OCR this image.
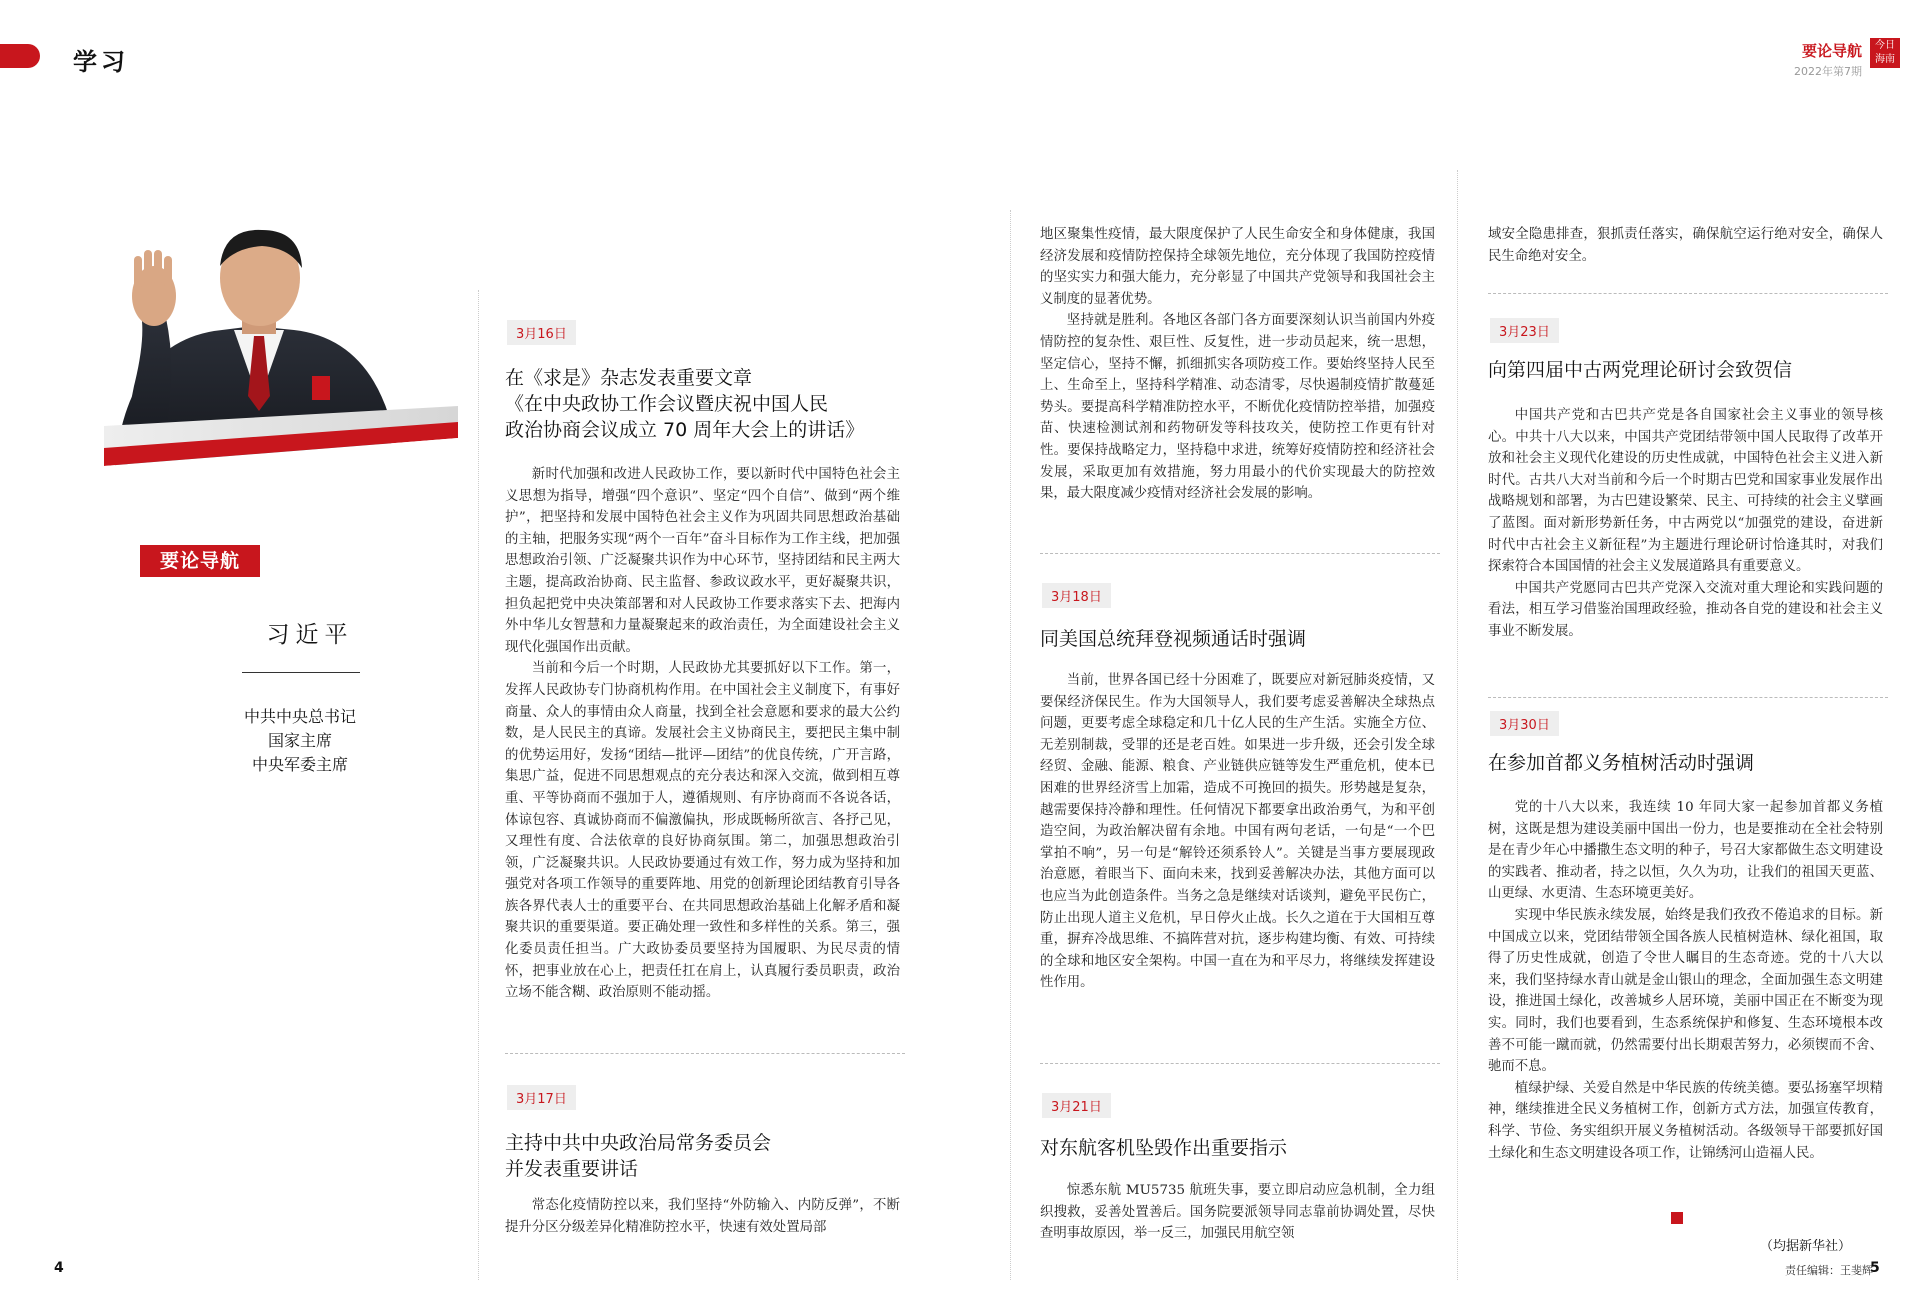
学习	要论导航
2022年第7期
今日
海南
要论导航
习近平
中共中央总书记
国家主席
中央军委主席
3月16日
在《求是》杂志发表重要文章
《在中央政协工作会议暨庆祝中国人民
政治协商会议成立 70 周年大会上的讲话》

新时代加强和改进人民政协工作，要以新时代中国特色社会主义思想为指导，增强“四个意识”、坚定“四个自信”、做到“两个维护”，把坚持和发展中国特色社会主义作为巩固共同思想政治基础的主轴，把服务实现“两个一百年”奋斗目标作为工作主线，把加强思想政治引领、广泛凝聚共识作为中心环节，坚持团结和民主两大主题，提高政治协商、民主监督、参政议政水平，更好凝聚共识，担负起把党中央决策部署和对人民政协工作要求落实下去、把海内外中华儿女智慧和力量凝聚起来的政治责任，为全面建设社会主义现代化强国作出贡献。

当前和今后一个时期，人民政协尤其要抓好以下工作。第一，发挥人民政协专门协商机构作用。在中国社会主义制度下，有事好商量、众人的事情由众人商量，找到全社会意愿和要求的最大公约数，是人民民主的真谛。发展社会主义协商民主，要把民主集中制的优势运用好，发扬“团结—批评—团结”的优良传统，广开言路，集思广益，促进不同思想观点的充分表达和深入交流，做到相互尊重、平等协商而不强加于人，遵循规则、有序协商而不各说各话，体谅包容、真诚协商而不偏激偏执，形成既畅所欲言、各抒己见，又理性有度、合法依章的良好协商氛围。第二，加强思想政治引领，广泛凝聚共识。人民政协要通过有效工作，努力成为坚持和加强党对各项工作领导的重要阵地、用党的创新理论团结教育引导各族各界代表人士的重要平台、在共同思想政治基础上化解矛盾和凝聚共识的重要渠道。要正确处理一致性和多样性的关系。第三，强化委员责任担当。广大政协委员要坚持为国履职、为民尽责的情怀，把事业放在心上，把责任扛在肩上，认真履行委员职责，政治立场不能含糊、政治原则不能动摇。

3月17日
主持中共中央政治局常务委员会
并发表重要讲话

常态化疫情防控以来，我们坚持“外防输入、内防反弹”，不断提升分区分级差异化精准防控水平，快速有效处置局部

地区聚集性疫情，最大限度保护了人民生命安全和身体健康，我国经济发展和疫情防控保持全球领先地位，充分体现了我国防控疫情的坚实实力和强大能力，充分彰显了中国共产党领导和我国社会主义制度的显著优势。

坚持就是胜利。各地区各部门各方面要深刻认识当前国内外疫情防控的复杂性、艰巨性、反复性，进一步动员起来，统一思想，坚定信心，坚持不懈，抓细抓实各项防疫工作。要始终坚持人民至上、生命至上，坚持科学精准、动态清零，尽快遏制疫情扩散蔓延势头。要提高科学精准防控水平，不断优化疫情防控举措，加强疫苗、快速检测试剂和药物研发等科技攻关，使防控工作更有针对性。要保持战略定力，坚持稳中求进，统筹好疫情防控和经济社会发展，采取更加有效措施，努力用最小的代价实现最大的防控效果，最大限度减少疫情对经济社会发展的影响。

3月18日
同美国总统拜登视频通话时强调

当前，世界各国已经十分困难了，既要应对新冠肺炎疫情，又要保经济保民生。作为大国领导人，我们要考虑妥善解决全球热点问题，更要考虑全球稳定和几十亿人民的生产生活。实施全方位、无差别制裁，受罪的还是老百姓。如果进一步升级，还会引发全球经贸、金融、能源、粮食、产业链供应链等发生严重危机，使本已困难的世界经济雪上加霜，造成不可挽回的损失。形势越是复杂，越需要保持冷静和理性。任何情况下都要拿出政治勇气，为和平创造空间，为政治解决留有余地。中国有两句老话，一句是“一个巴掌拍不响”，另一句是“解铃还须系铃人”。关键是当事方要展现政治意愿，着眼当下、面向未来，找到妥善解决办法，其他方面可以也应当为此创造条件。当务之急是继续对话谈判，避免平民伤亡，防止出现人道主义危机，早日停火止战。长久之道在于大国相互尊重，摒弃冷战思维、不搞阵营对抗，逐步构建均衡、有效、可持续的全球和地区安全架构。中国一直在为和平尽力，将继续发挥建设性作用。

3月21日
对东航客机坠毁作出重要指示

惊悉东航 MU5735 航班失事，要立即启动应急机制，全力组织搜救，妥善处置善后。国务院要派领导同志靠前协调处置，尽快查明事故原因，举一反三，加强民用航空领

域安全隐患排查，狠抓责任落实，确保航空运行绝对安全，确保人民生命绝对安全。

3月23日
向第四届中古两党理论研讨会致贺信

中国共产党和古巴共产党是各自国家社会主义事业的领导核心。中共十八大以来，中国共产党团结带领中国人民取得了改革开放和社会主义现代化建设的历史性成就，中国特色社会主义进入新时代。古共八大对当前和今后一个时期古巴党和国家事业发展作出战略规划和部署，为古巴建设繁荣、民主、可持续的社会主义擘画了蓝图。面对新形势新任务，中古两党以“加强党的建设，奋进新时代中古社会主义新征程”为主题进行理论研讨恰逢其时，对我们探索符合本国国情的社会主义发展道路具有重要意义。

中国共产党愿同古巴共产党深入交流对重大理论和实践问题的看法，相互学习借鉴治国理政经验，推动各自党的建设和社会主义事业不断发展。

3月30日
在参加首都义务植树活动时强调

党的十八大以来，我连续 10 年同大家一起参加首都义务植树，这既是想为建设美丽中国出一份力，也是要推动在全社会特别是在青少年心中播撒生态文明的种子，号召大家都做生态文明建设的实践者、推动者，持之以恒，久久为功，让我们的祖国天更蓝、山更绿、水更清、生态环境更美好。

实现中华民族永续发展，始终是我们孜孜不倦追求的目标。新中国成立以来，党团结带领全国各族人民植树造林、绿化祖国，取得了历史性成就，创造了令世人瞩目的生态奇迹。党的十八大以来，我们坚持绿水青山就是金山银山的理念，全面加强生态文明建设，推进国土绿化，改善城乡人居环境，美丽中国正在不断变为现实。同时，我们也要看到，生态系统保护和修复、生态环境根本改善不可能一蹴而就，仍然需要付出长期艰苦努力，必须锲而不舍、驰而不息。

植绿护绿、关爱自然是中华民族的传统美德。要弘扬塞罕坝精神，继续推进全民义务植树工作，创新方式方法，加强宣传教育，科学、节俭、务实组织开展义务植树活动。各级领导干部要抓好国土绿化和生态文明建设各项工作，让锦绣河山造福人民。

（均据新华社）
责任编辑：王斐辉
4	5
